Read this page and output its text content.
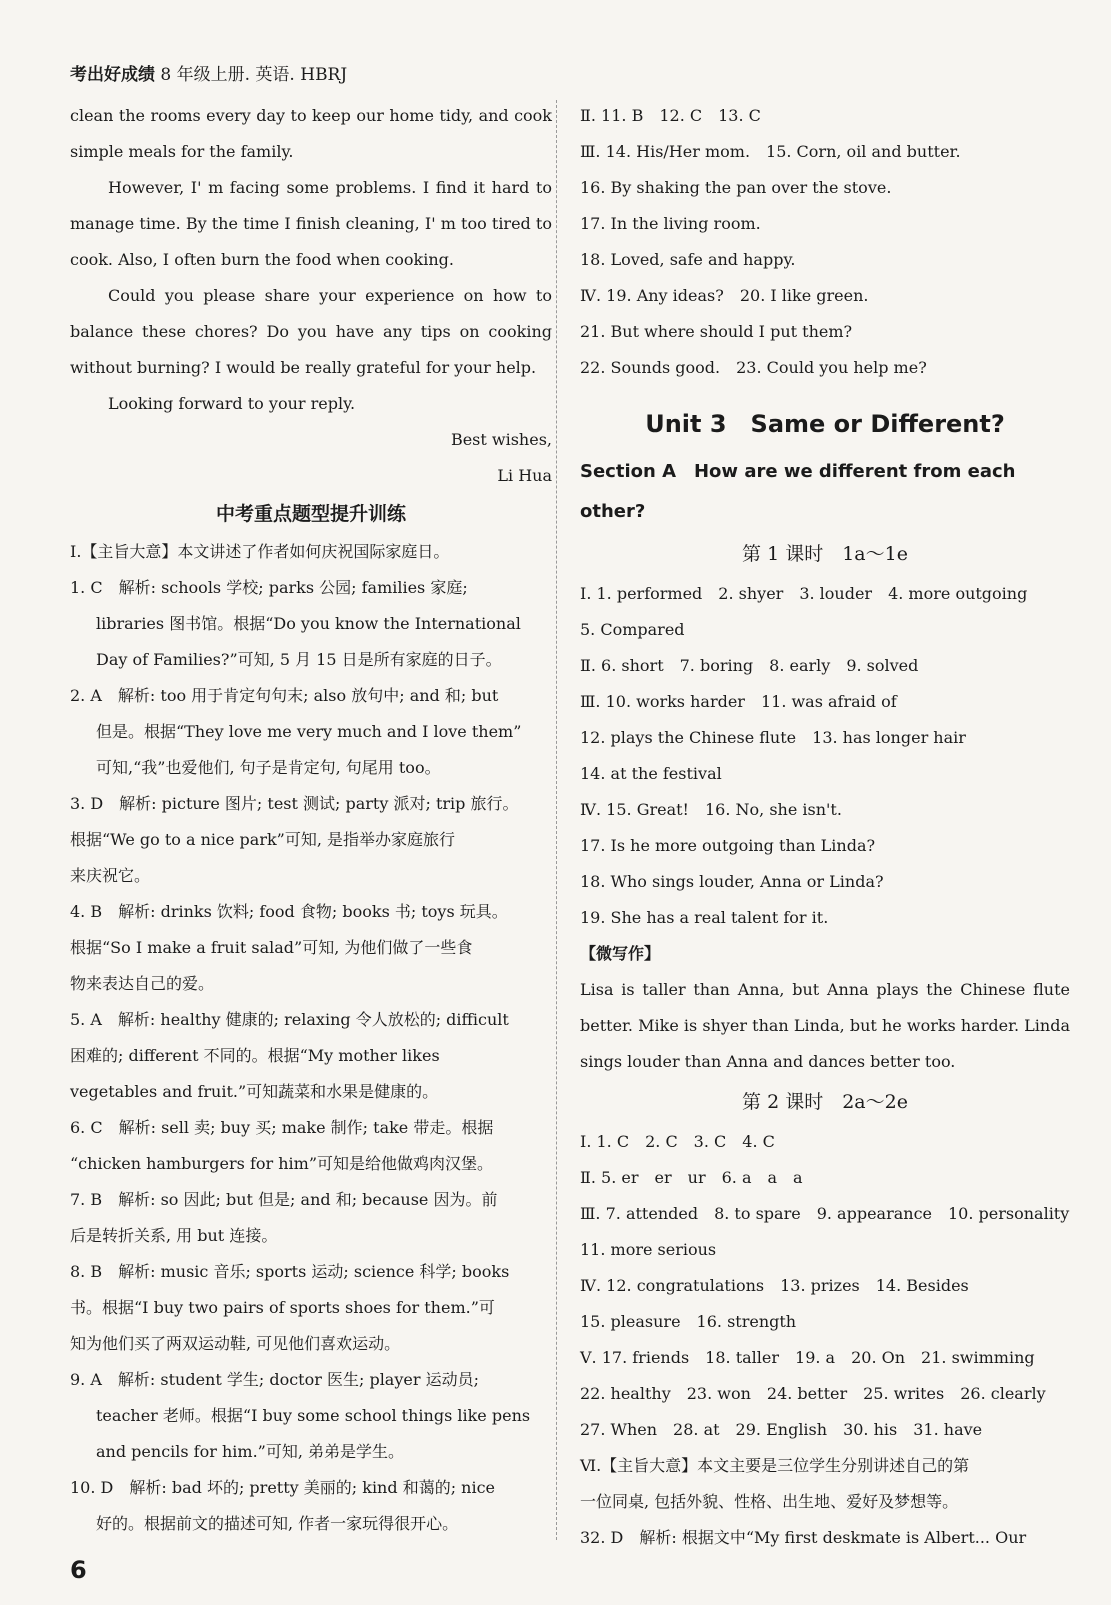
考出好成绩 8 年级上册. 英语. HBRJ

clean the rooms every day to keep our home tidy, and cook

simple meals for the family.

However, I' m facing some problems. I find it hard to

manage time. By the time I finish cleaning, I' m too tired to

cook. Also, I often burn the food when cooking.

Could you please share your experience on how to

balance these chores? Do you have any tips on cooking

without burning? I would be really grateful for your help.

Looking forward to your reply.

Best wishes,

Li Hua

中考重点题型提升训练

Ⅰ.【主旨大意】本文讲述了作者如何庆祝国际家庭日。

1. C　解析: schools 学校; parks 公园; families 家庭;

libraries 图书馆。根据“Do you know the International

Day of Families?”可知, 5 月 15 日是所有家庭的日子。

2. A　解析: too 用于肯定句句末; also 放句中; and 和; but

但是。根据“They love me very much and I love them”

可知,“我”也爱他们, 句子是肯定句, 句尾用 too。

3. D　解析: picture 图片; test 测试; party 派对; trip 旅行。

根据“We go to a nice park”可知, 是指举办家庭旅行

来庆祝它。

4. B　解析: drinks 饮料; food 食物; books 书; toys 玩具。

根据“So I make a fruit salad”可知, 为他们做了一些食

物来表达自己的爱。

5. A　解析: healthy 健康的; relaxing 令人放松的; difficult

困难的; different 不同的。根据“My mother likes

vegetables and fruit.”可知蔬菜和水果是健康的。

6. C　解析: sell 卖; buy 买; make 制作; take 带走。根据

“chicken hamburgers for him”可知是给他做鸡肉汉堡。

7. B　解析: so 因此; but 但是; and 和; because 因为。前

后是转折关系, 用 but 连接。

8. B　解析: music 音乐; sports 运动; science 科学; books

书。根据“I buy two pairs of sports shoes for them.”可

知为他们买了两双运动鞋, 可见他们喜欢运动。

9. A　解析: student 学生; doctor 医生; player 运动员;

teacher 老师。根据“I buy some school things like pens

and pencils for him.”可知, 弟弟是学生。

10. D　解析: bad 坏的; pretty 美丽的; kind 和蔼的; nice

好的。根据前文的描述可知, 作者一家玩得很开心。

Ⅱ. 11. B　12. C　13. C

Ⅲ. 14. His/Her mom.　15. Corn, oil and butter.

16. By shaking the pan over the stove.

17. In the living room.

18. Loved, safe and happy.

Ⅳ. 19. Any ideas?　20. I like green.

21. But where should I put them?

22. Sounds good.　23. Could you help me?

Unit 3　Same or Different?

Section A　How are we different from each other?

第 1 课时　1a～1e

Ⅰ. 1. performed　2. shyer　3. louder　4. more outgoing

5. Compared

Ⅱ. 6. short　7. boring　8. early　9. solved

Ⅲ. 10. works harder　11. was afraid of

12. plays the Chinese flute　13. has longer hair

14. at the festival

Ⅳ. 15. Great!　16. No, she isn't.

17. Is he more outgoing than Linda?

18. Who sings louder, Anna or Linda?

19. She has a real talent for it.

【微写作】

Lisa is taller than Anna, but Anna plays the Chinese flute

better. Mike is shyer than Linda, but he works harder. Linda

sings louder than Anna and dances better too.

第 2 课时　2a～2e

Ⅰ. 1. C　2. C　3. C　4. C

Ⅱ. 5. er　er　ur　6. a　a　a

Ⅲ. 7. attended　8. to spare　9. appearance　10. personality

11. more serious

Ⅳ. 12. congratulations　13. prizes　14. Besides

15. pleasure　16. strength

Ⅴ. 17. friends　18. taller　19. a　20. On　21. swimming

22. healthy　23. won　24. better　25. writes　26. clearly

27. When　28. at　29. English　30. his　31. have

Ⅵ.【主旨大意】本文主要是三位学生分别讲述自己的第

一位同桌, 包括外貌、性格、出生地、爱好及梦想等。

32. D　解析: 根据文中“My first deskmate is Albert... Our

6
